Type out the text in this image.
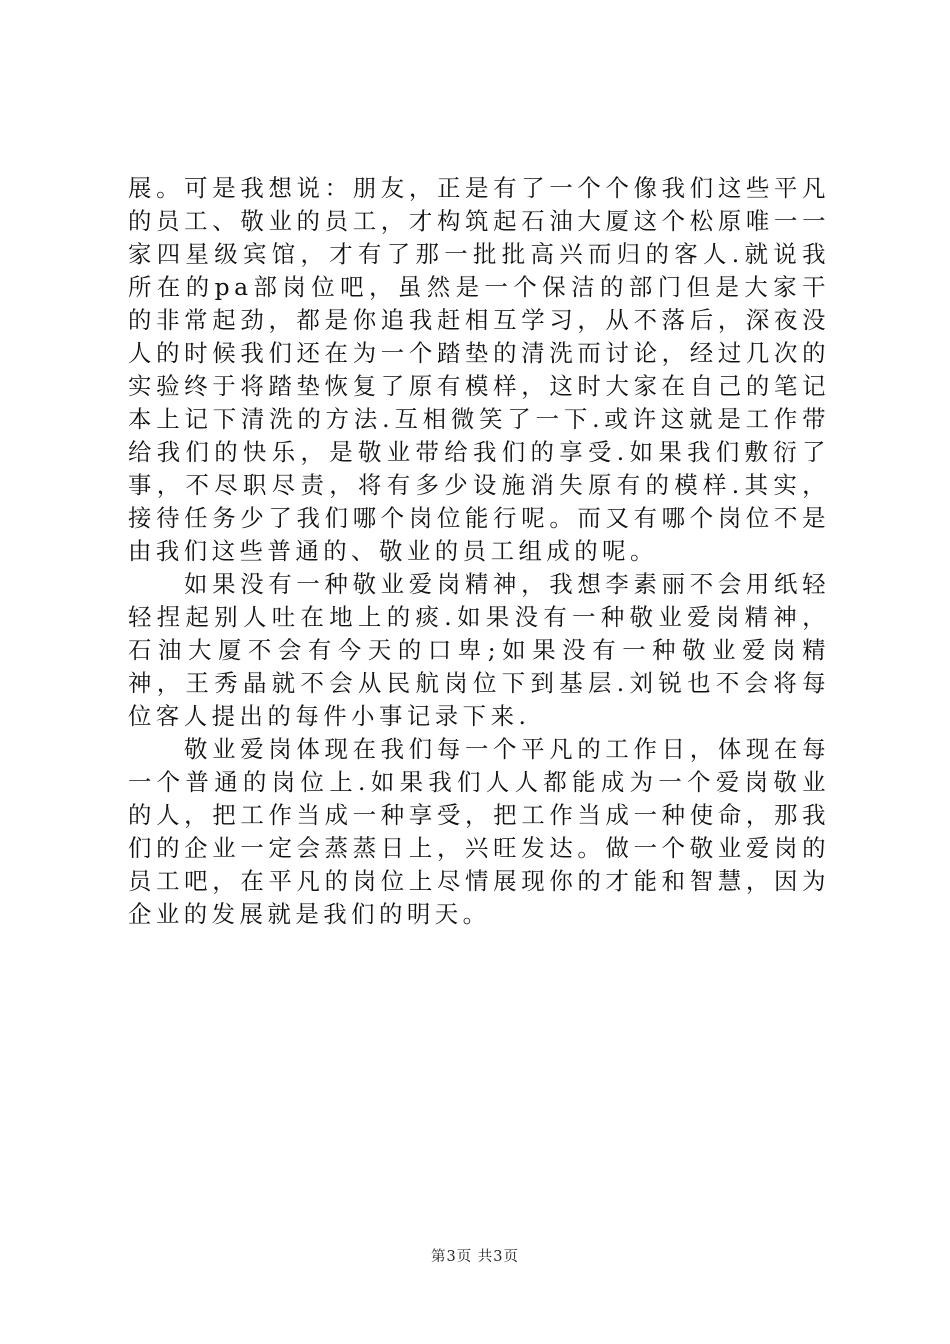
展。可是我想说：朋友，正是有了一个个像我们这些平凡的员工、敬业的员工，才构筑起石油大厦这个松原唯一一家四星级宾馆，才有了那一批批高兴而归的客人.就说我所在的pa部岗位吧，虽然是一个保洁的部门但是大家干的非常起劲，都是你追我赶相互学习，从不落后，深夜没人的时候我们还在为一个踏垫的清洗而讨论，经过几次的实验终于将踏垫恢复了原有模样，这时大家在自己的笔记本上记下清洗的方法.互相微笑了一下.或许这就是工作带给我们的快乐，是敬业带给我们的享受.如果我们敷衍了事，不尽职尽责，将有多少设施消失原有的模样.其实，接待任务少了我们哪个岗位能行呢。而又有哪个岗位不是由我们这些普通的、敬业的员工组成的呢。

如果没有一种敬业爱岗精神，我想李素丽不会用纸轻轻捏起别人吐在地上的痰.如果没有一种敬业爱岗精神，石油大厦不会有今天的口卑;如果没有一种敬业爱岗精神，王秀晶就不会从民航岗位下到基层.刘锐也不会将每位客人提出的每件小事记录下来.

敬业爱岗体现在我们每一个平凡的工作日，体现在每一个普通的岗位上.如果我们人人都能成为一个爱岗敬业的人，把工作当成一种享受，把工作当成一种使命，那我们的企业一定会蒸蒸日上，兴旺发达。做一个敬业爱岗的员工吧，在平凡的岗位上尽情展现你的才能和智慧，因为企业的发展就是我们的明天。

第3页 共3页
